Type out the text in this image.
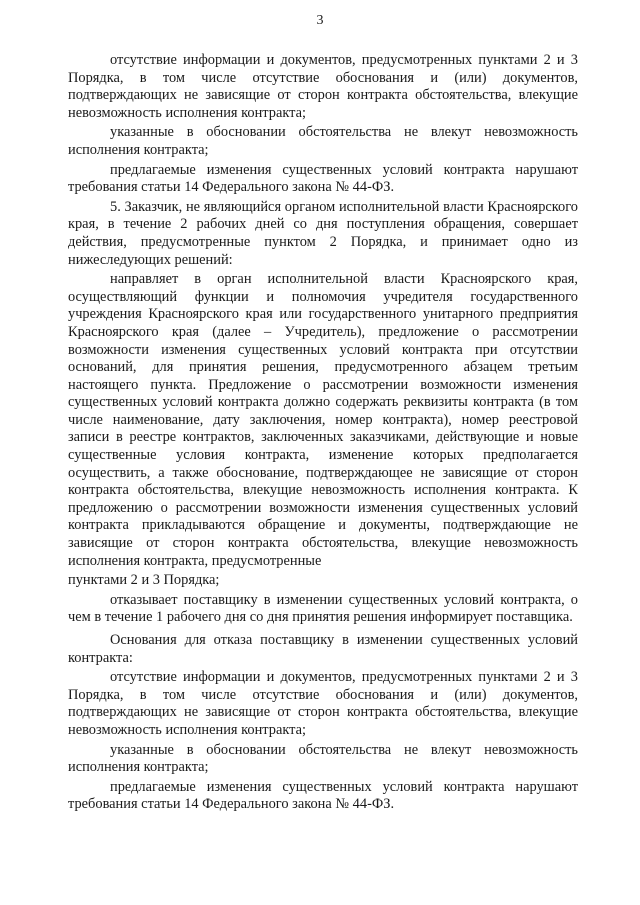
3

отсутствие информации и документов, предусмотренных пунктами 2 и 3 Порядка, в том числе отсутствие обоснования и (или) документов, подтверждающих не зависящие от сторон контракта обстоятельства, влекущие невозможность исполнения контракта;

указанные в обосновании обстоятельства не влекут невозможность исполнения контракта;

предлагаемые изменения существенных условий контракта нарушают требования статьи 14 Федерального закона № 44-ФЗ.

5. Заказчик, не являющийся органом исполнительной власти Красноярского края, в течение 2 рабочих дней со дня поступления обращения, совершает действия, предусмотренные пунктом 2 Порядка, и принимает одно из нижеследующих решений:

направляет в орган исполнительной власти Красноярского края, осуществляющий функции и полномочия учредителя государственного учреждения Красноярского края или государственного унитарного предприятия Красноярского края (далее – Учредитель), предложение о рассмотрении возможности изменения существенных условий контракта при отсутствии оснований, для принятия решения, предусмотренного абзацем третьим настоящего пункта. Предложение о рассмотрении возможности изменения существенных условий контракта должно содержать реквизиты контракта (в том числе наименование, дату заключения, номер контракта), номер реестровой записи в реестре контрактов, заключенных заказчиками, действующие и новые существенные условия контракта, изменение которых предполагается осуществить, а также обоснование, подтверждающее не зависящие от сторон контракта обстоятельства, влекущие невозможность исполнения контракта. К предложению о рассмотрении возможности изменения существенных условий контракта прикладываются обращение и документы, подтверждающие не зависящие от сторон контракта обстоятельства, влекущие невозможность исполнения контракта, предусмотренные

пунктами 2 и 3 Порядка;

отказывает поставщику в изменении существенных условий контракта, о чем в течение 1 рабочего дня со дня принятия решения информирует поставщика.

Основания для отказа поставщику в изменении существенных условий контракта:

отсутствие информации и документов, предусмотренных пунктами 2 и 3 Порядка, в том числе отсутствие обоснования и (или) документов, подтверждающих не зависящие от сторон контракта обстоятельства, влекущие невозможность исполнения контракта;

указанные в обосновании обстоятельства не влекут невозможность исполнения контракта;

предлагаемые изменения существенных условий контракта нарушают требования статьи 14 Федерального закона № 44-ФЗ.
